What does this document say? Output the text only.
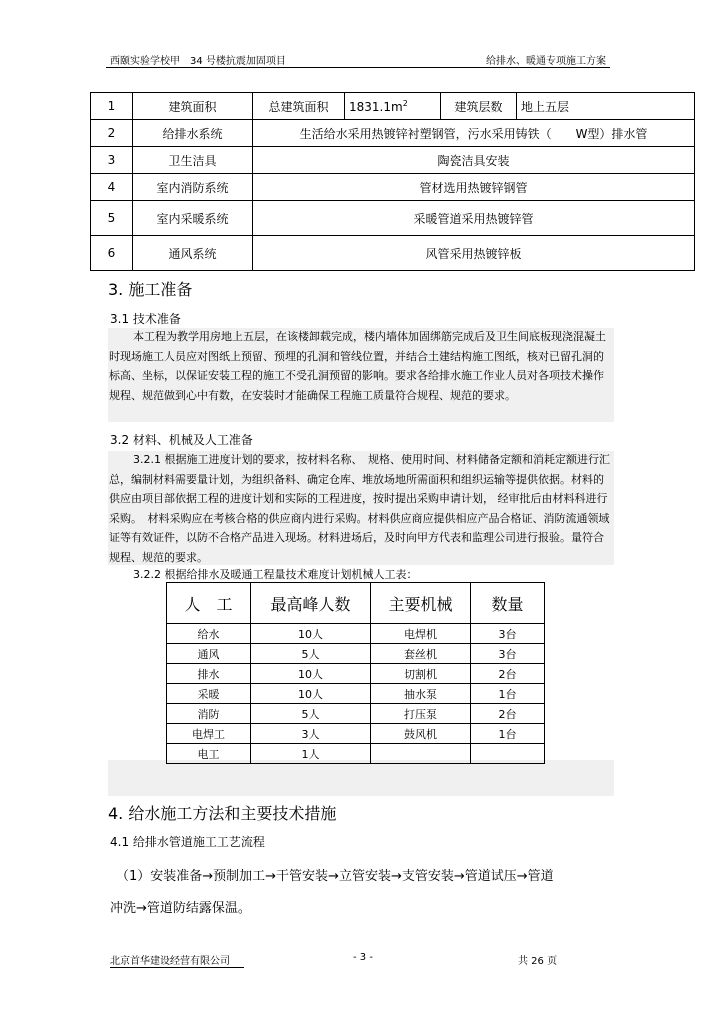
西颐实验学校甲　34 号楼抗震加固项目	给排水、暖通专项施工方案
1	建筑面积	总建筑面积	$1831.1m^2$	建筑层数	地上五层
2	给排水系统	生活给水采用热镀锌衬塑钢管，污水采用铸铁（　　W型）排水管			
3	卫生洁具	陶瓷洁具安装			
4	室内消防系统	管材选用热镀锌钢管			
5	室内采暖系统	采暖管道采用热镀锌管			
6	通风系统	风管采用热镀锌板			
3. 施工准备
3.1 技术准备
本工程为教学用房地上五层，在该楼卸载完成，楼内墙体加固绑筋完成后及卫生间底板现浇混凝土时现场施工人员应对图纸上预留、预埋的孔洞和管线位置，并结合土建结构施工图纸，核对已留孔洞的标高、坐标，以保证安装工程的施工不受孔洞预留的影响。要求各给排水施工作业人员对各项技术操作规程、规范做到心中有数，在安装时才能确保工程施工质量符合规程、规范的要求。
3.2 材料、机械及人工准备
3.2.1 根据施工进度计划的要求，按材料名称、　规格、使用时间、材料储备定额和消耗定额进行汇总，编制材料需要量计划，为组织备料、确定仓库、堆放场地所需面积和组织运输等提供依据。材料的供应由项目部依据工程的进度计划和实际的工程进度，按时提出采购申请计划， 经审批后由材料科进行采购。　材料采购应在考核合格的供应商内进行采购。材料供应商应提供相应产品合格证、消防流通领域证等有效证件，以防不合格产品进入现场。材料进场后，及时向甲方代表和监理公司进行报验。量符合规程、规范的要求。
3.2.2 根据给排水及暖通工程量技术难度计划机械人工表：
人　工	最高峰人数	主要机械	数量
给水	10人	电焊机	3台
通风	5人	套丝机	3台
排水	10人	切割机	2台
采暖	10人	抽水泵	1台
消防	5人	打压泵	2台
电焊工	3人	鼓风机	1台
电工	1人		
4. 给水施工方法和主要技术措施
4.1 给排水管道施工工艺流程
（1）安装准备→预制加工→干管安装→立管安装→支管安装→管道试压→管道
冲洗→管道防结露保温。
北京首华建设经营有限公司	- 3 -	共 26 页
